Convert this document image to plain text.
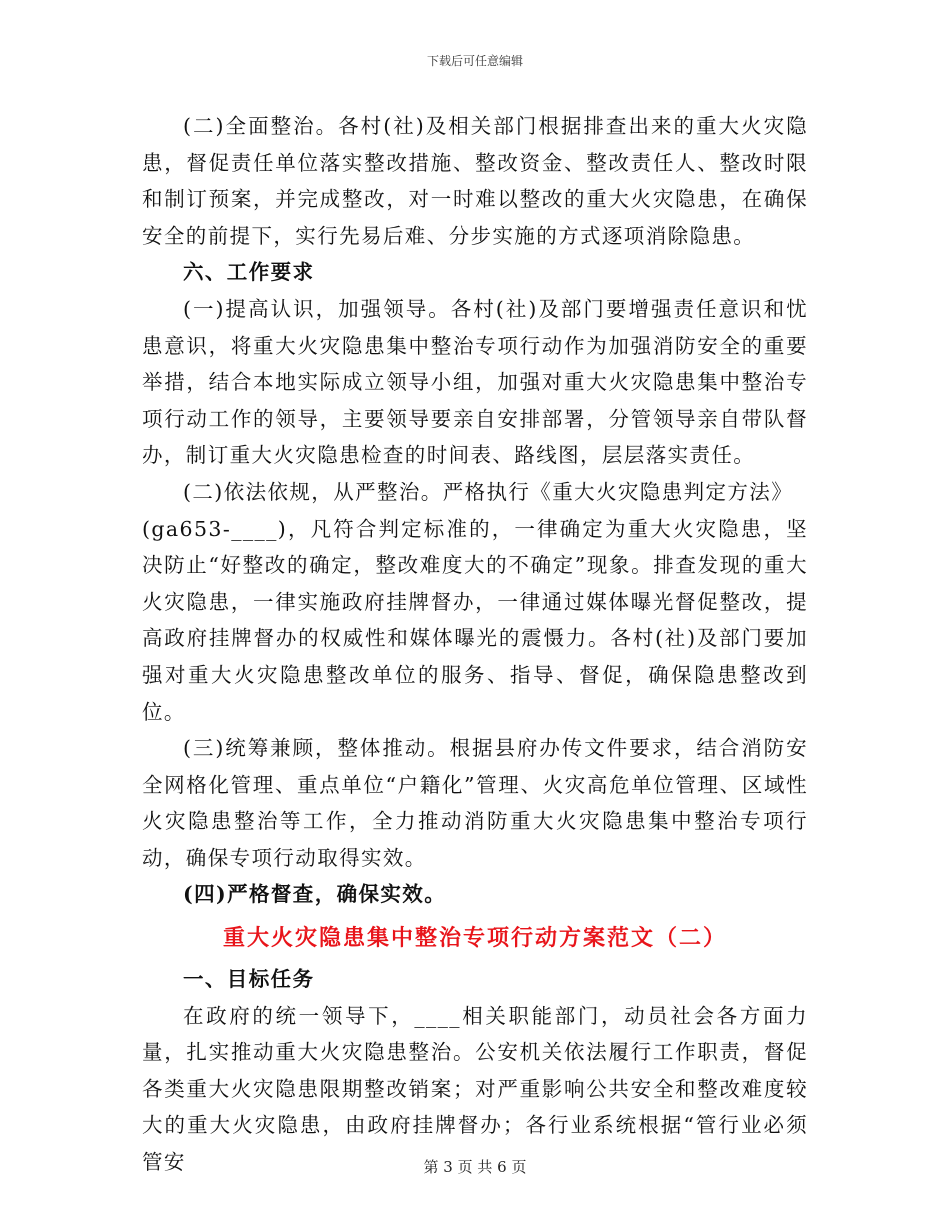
下载后可任意编辑

(二)全面整治。各村(社)及相关部门根据排查出来的重大火灾隐患，督促责任单位落实整改措施、整改资金、整改责任人、整改时限和制订预案，并完成整改，对一时难以整改的重大火灾隐患，在确保安全的前提下，实行先易后难、分步实施的方式逐项消除隐患。

六、工作要求

(一)提高认识，加强领导。各村(社)及部门要增强责任意识和忧患意识，将重大火灾隐患集中整治专项行动作为加强消防安全的重要举措，结合本地实际成立领导小组，加强对重大火灾隐患集中整治专项行动工作的领导，主要领导要亲自安排部署，分管领导亲自带队督办，制订重大火灾隐患检查的时间表、路线图，层层落实责任。

(二)依法依规，从严整治。严格执行《重大火灾隐患判定方法》

(ga653-____)，凡符合判定标准的，一律确定为重大火灾隐患，坚决防止“好整改的确定，整改难度大的不确定”现象。排查发现的重大火灾隐患，一律实施政府挂牌督办，一律通过媒体曝光督促整改，提高政府挂牌督办的权威性和媒体曝光的震慑力。各村(社)及部门要加强对重大火灾隐患整改单位的服务、指导、督促，确保隐患整改到位。

(三)统筹兼顾，整体推动。根据县府办传文件要求，结合消防安全网格化管理、重点单位“户籍化”管理、火灾高危单位管理、区域性火灾隐患整治等工作，全力推动消防重大火灾隐患集中整治专项行动，确保专项行动取得实效。

(四)严格督查，确保实效。

重大火灾隐患集中整治专项行动方案范文（二）

一、目标任务

在政府的统一领导下，____相关职能部门，动员社会各方面力量，扎实推动重大火灾隐患整治。公安机关依法履行工作职责，督促各类重大火灾隐患限期整改销案；对严重影响公共安全和整改难度较大的重大火灾隐患，由政府挂牌督办；各行业系统根据“管行业必须管安	第 3 页 共 6 页
